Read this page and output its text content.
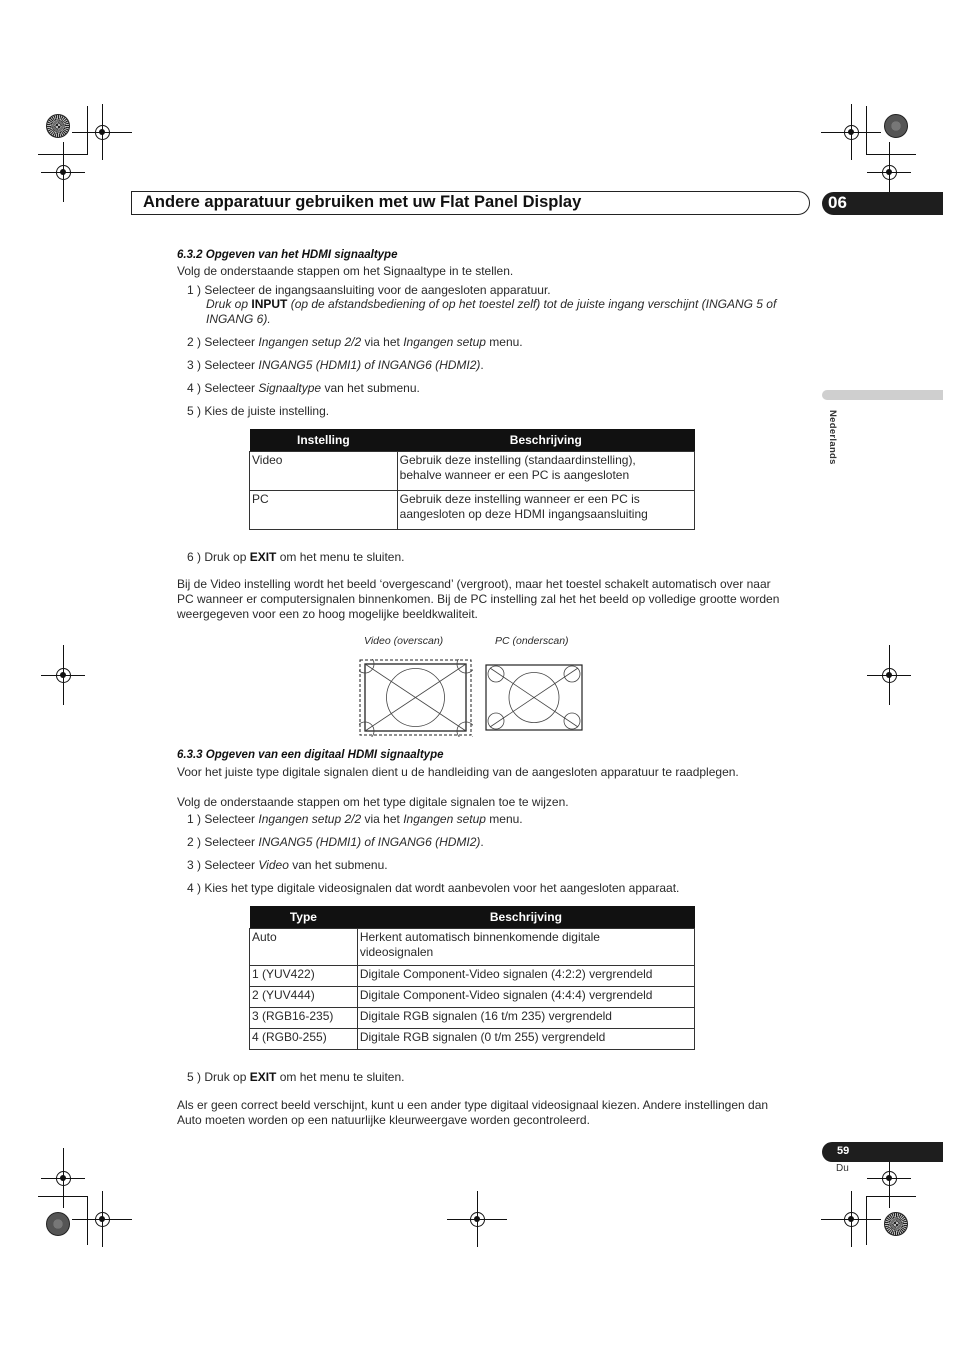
Andere apparatuur gebruiken met uw Flat Panel Display	06
Nederlands
6.3.2 Opgeven van het HDMI signaaltype
Volg de onderstaande stappen om het Signaaltype in te stellen.
1 ) Selecteer de ingangsaansluiting voor de aangesloten apparatuur.
Druk op INPUT (op de afstandsbediening of op het toestel zelf) tot de juiste ingang verschijnt (INGANG 5 of
INGANG 6).
2 ) Selecteer Ingangen setup 2/2 via het Ingangen setup menu.
3 ) Selecteer INGANG5 (HDMI1) of INGANG6 (HDMI2).
4 ) Selecteer Signaaltype van het submenu.
5 ) Kies de juiste instelling.
Instelling	Beschrijving
Video	Gebruik deze instelling (standaardinstelling),
behalve wanneer er een PC is aangesloten

PC	Gebruik deze instelling wanneer er een PC is
aangesloten op deze HDMI ingangsaansluiting
6 ) Druk op EXIT om het menu te sluiten.
Bij de Video instelling wordt het beeld ‘overgescand’ (vergroot), maar het toestel schakelt automatisch over naar
PC wanneer er computersignalen binnenkomen. Bij de PC instelling zal het het beeld op volledige grootte worden
weergegeven voor een zo hoog mogelijke beeldkwaliteit.
Video (overscan)	PC (onderscan)
6.3.3 Opgeven van een digitaal HDMI signaaltype
Voor het juiste type digitale signalen dient u de handleiding van de aangesloten apparatuur te raadplegen.
Volg de onderstaande stappen om het type digitale signalen toe te wijzen.
1 ) Selecteer Ingangen setup 2/2 via het Ingangen setup menu.
2 ) Selecteer INGANG5 (HDMI1) of INGANG6 (HDMI2).
3 ) Selecteer Video van het submenu.
4 ) Kies het type digitale videosignalen dat wordt aanbevolen voor het aangesloten apparaat.
Type	Beschrijving
Auto	Herkent automatisch binnenkomende digitale
videosignalen

1 (YUV422)	Digitale Component-Video signalen (4:2:2) vergrendeld
2 (YUV444)	Digitale Component-Video signalen (4:4:4) vergrendeld
3 (RGB16-235)	Digitale RGB signalen (16 t/m 235) vergrendeld
4 (RGB0-255)	Digitale RGB signalen (0 t/m 255) vergrendeld
5 ) Druk op EXIT om het menu te sluiten.
Als er geen correct beeld verschijnt, kunt u een ander type digitaal videosignaal kiezen. Andere instellingen dan
Auto moeten worden op een natuurlijke kleurweergave worden gecontroleerd.
59
Du
